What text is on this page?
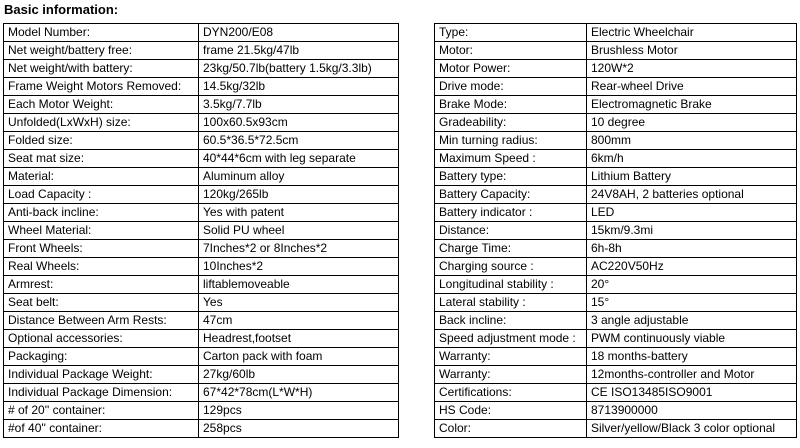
Basic information:
Model Number:	DYN200/E08
Net weight/battery free:	frame 21.5kg/47lb
Net weight/with battery:	23kg/50.7lb(battery 1.5kg/3.3lb)
Frame Weight Motors Removed:	14.5kg/32lb
Each Motor Weight:	3.5kg/7.7lb
Unfolded(LxWxH) size:	100x60.5x93cm
Folded size:	60.5*36.5*72.5cm
Seat mat size:	40*44*6cm with leg separate
Material:	Aluminum alloy
Load Capacity :	120kg/265lb
Anti-back incline:	Yes with patent
Wheel Material:	Solid PU wheel
Front Wheels:	7Inches*2 or 8Inches*2
Real Wheels:	10Inches*2
Armrest:	liftablemoveable
Seat belt:	Yes
Distance Between Arm Rests:	47cm
Optional accessories:	Headrest,footset
Packaging:	Carton pack with foam
Individual Package Weight:	27kg/60lb
Individual Package Dimension:	67*42*78cm(L*W*H)
# of 20'' container:	129pcs
#of 40'' container:	258pcs
Type:	Electric Wheelchair
Motor:	Brushless Motor
Motor Power:	120W*2
Drive mode:	Rear-wheel Drive
Brake Mode:	Electromagnetic Brake
Gradeability:	10 degree
Min turning radius:	800mm
Maximum Speed :	6km/h
Battery type:	Lithium Battery
Battery Capacity:	24V8AH, 2 batteries optional
Battery indicator :	LED
Distance:	15km/9.3mi
Charge Time:	6h-8h
Charging source :	AC220V50Hz
Longitudinal stability :	20°
Lateral stability :	15°
Back incline:	3 angle adjustable
Speed adjustment mode :	PWM continuously viable
Warranty:	18 months-battery
Warranty:	12months-controller and Motor
Certifications:	CE ISO13485ISO9001
HS Code:	8713900000
Color:	Silver/yellow/Black 3 color optional
